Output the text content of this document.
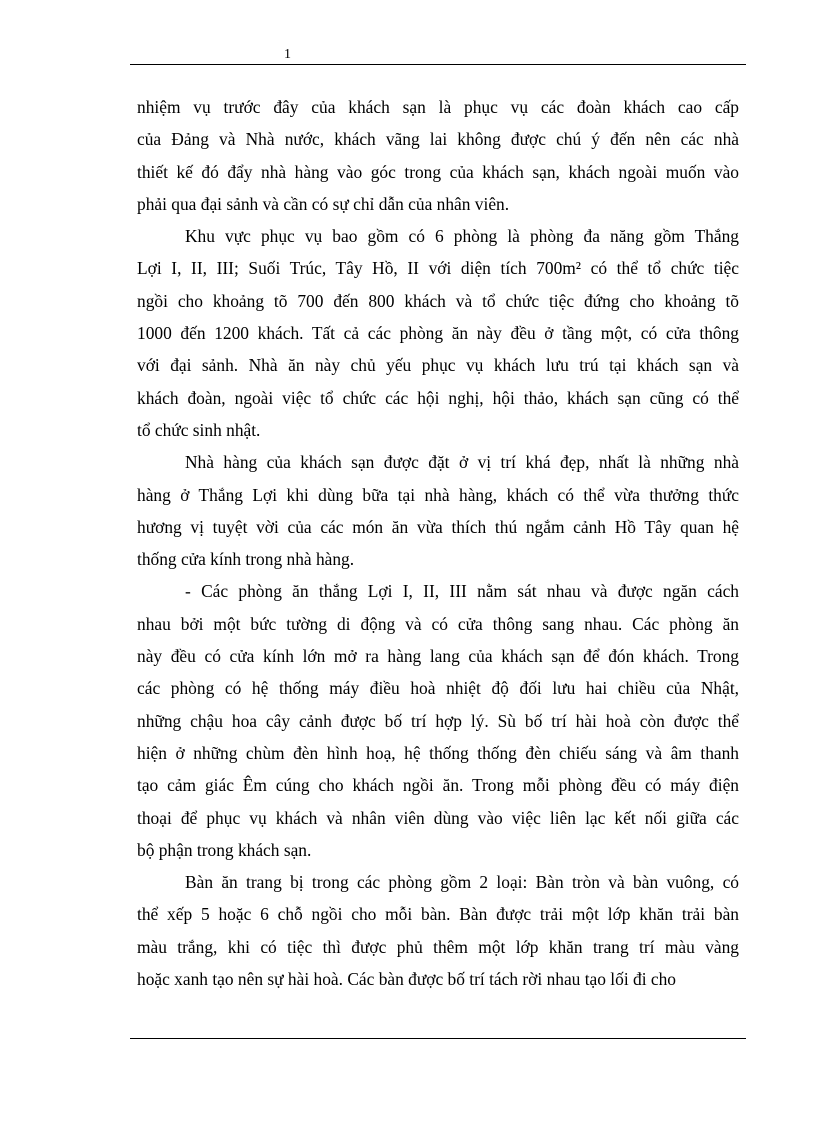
1

nhiệm vụ trước đây của khách sạn là phục vụ các đoàn khách cao cấp

của Đảng và Nhà nước, khách vãng lai không được chú ý đến nên các nhà

thiết kế đó đẩy nhà hàng vào góc trong của khách sạn, khách ngoài muốn vào

phải qua đại sảnh và cần có sự chỉ dẫn của nhân viên.

Khu vực phục vụ bao gồm có 6 phòng là phòng đa năng gồm Thắng

Lợi I, II, III; Suối Trúc, Tây Hồ, II với diện tích 700m² có thể tổ chức tiệc

ngồi cho khoảng tõ 700 đến 800 khách và tổ chức tiệc đứng cho khoảng tõ

1000 đến 1200 khách. Tất cả các phòng ăn này đều ở tầng một, có cửa thông

với đại sảnh. Nhà ăn này chủ yếu phục vụ khách lưu trú tại khách sạn và

khách đoàn, ngoài việc tổ chức các hội nghị, hội thảo, khách sạn cũng có thể

tổ chức sinh nhật.

Nhà hàng của khách sạn được đặt ở vị trí khá đẹp, nhất là những nhà

hàng ở Thắng Lợi khi dùng bữa tại nhà hàng, khách có thể vừa thưởng thức

hương vị tuyệt vời của các món ăn vừa thích thú ngắm cảnh Hồ Tây quan hệ

thống cửa kính trong nhà hàng.

- Các phòng ăn thắng Lợi I, II, III nằm sát nhau và được ngăn cách

nhau bởi một bức tường di động và có cửa thông sang nhau. Các phòng ăn

này đều có cửa kính lớn mở ra hàng lang của khách sạn để đón khách. Trong

các phòng có hệ thống máy điều hoà nhiệt độ đối lưu hai chiều của Nhật,

những chậu hoa cây cảnh được bố trí hợp lý. Sù bố trí hài hoà còn được thể

hiện ở những chùm đèn hình hoạ, hệ thống thống đèn chiếu sáng và âm thanh

tạo cảm giác Êm cúng cho khách ngồi ăn. Trong mỗi phòng đều có máy điện

thoại để phục vụ khách và nhân viên dùng vào việc liên lạc kết nối giữa các

bộ phận trong khách sạn.

Bàn ăn trang bị trong các phòng gồm 2 loại: Bàn tròn và bàn vuông, có

thể xếp 5 hoặc 6 chỗ ngồi cho mỗi bàn. Bàn được trải một lớp khăn trải bàn

màu trắng, khi có tiệc thì được phủ thêm một lớp khăn trang trí màu vàng

hoặc xanh tạo nên sự hài hoà. Các bàn được bố trí tách rời nhau tạo lối đi cho
